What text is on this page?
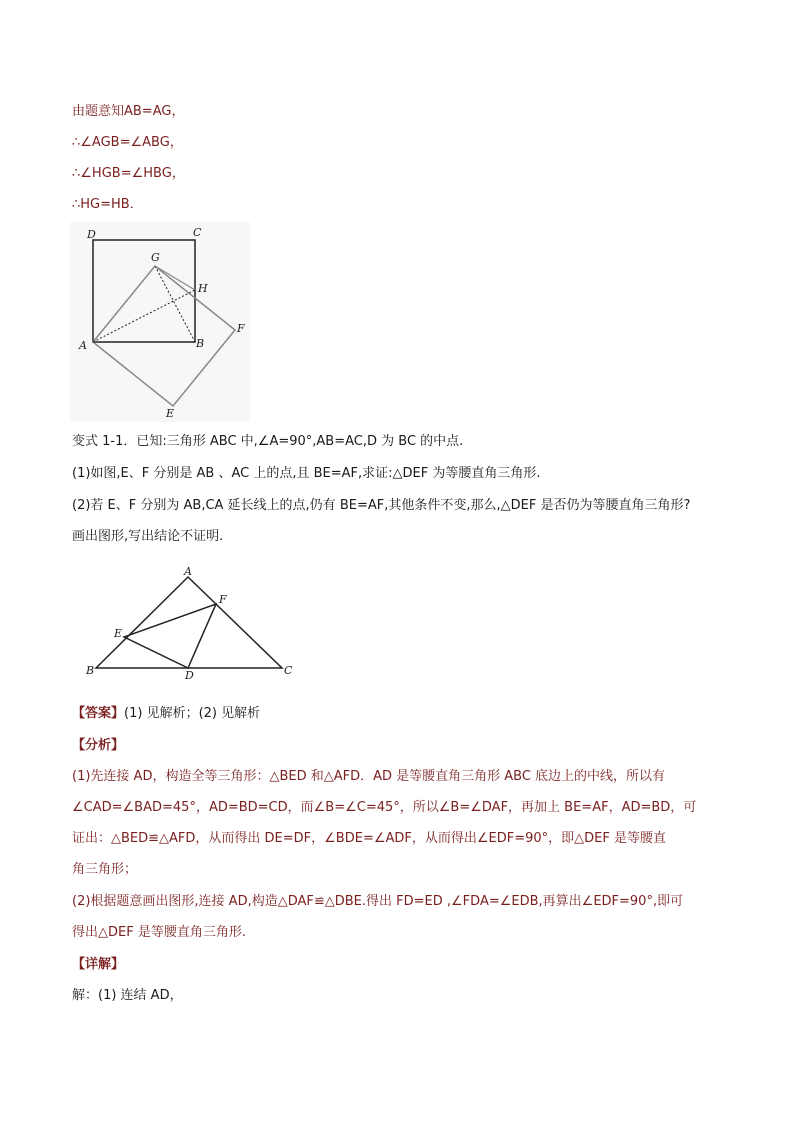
由题意知AB=AG，
∴∠AGB=∠ABG，
∴∠HGB=∠HBG，
∴HG=HB．
D	C
G
H
F
A	B
E
变式 1-1．已知:三角形 ABC 中,∠A=90°,AB=AC,D 为 BC 的中点.
(1)如图,E、F 分别是 AB 、AC 上的点,且 BE=AF,求证:△DEF 为等腰直角三角形.
(2)若 E、F 分别为 AB,CA 延长线上的点,仍有 BE=AF,其他条件不变,那么,△DEF 是否仍为等腰直角三角形?
画出图形,写出结论不证明.
A
F
E
B	D	C
【答案】(1) 见解析；(2) 见解析
【分析】
(1)先连接 AD，构造全等三角形：△BED 和△AFD．AD 是等腰直角三角形 ABC 底边上的中线，所以有
∠CAD=∠BAD=45°，AD=BD=CD，而∠B=∠C=45°，所以∠B=∠DAF，再加上 BE=AF，AD=BD，可
证出：△BED≌△AFD，从而得出 DE=DF，∠BDE=∠ADF，从而得出∠EDF=90°，即△DEF 是等腰直
角三角形；
(2)根据题意画出图形,连接 AD,构造△DAF≌△DBE.得出 FD=ED ,∠FDA=∠EDB,再算出∠EDF=90°,即可
得出△DEF 是等腰直角三角形.
【详解】
解：(1) 连结 AD，
